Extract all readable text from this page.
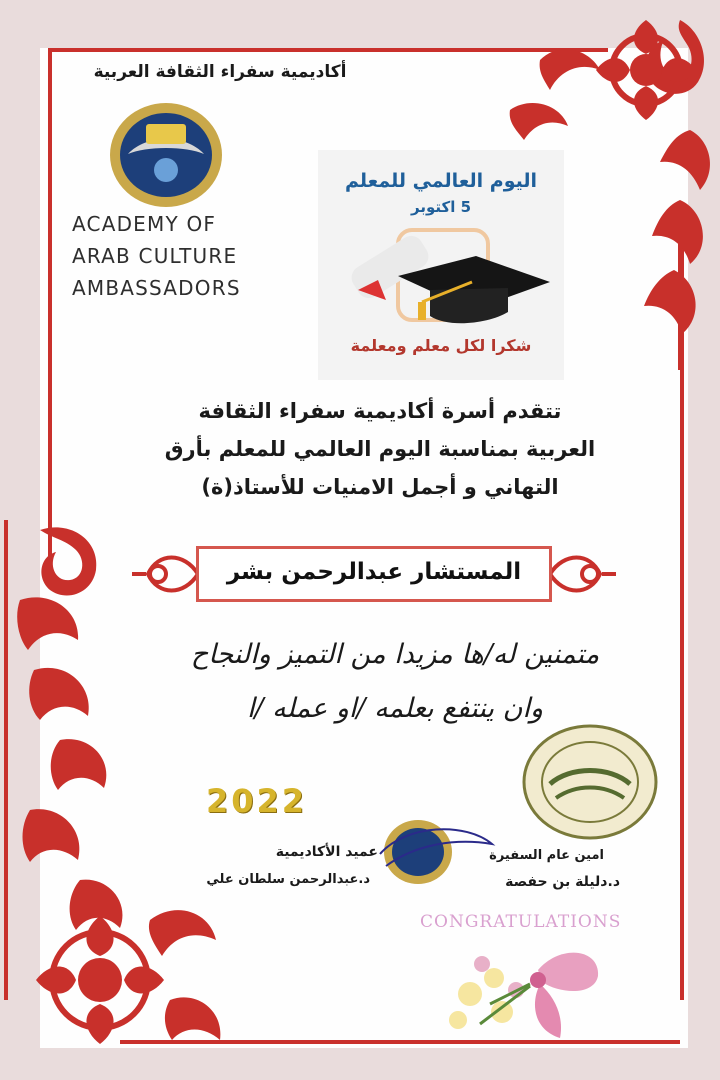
أكاديمية سفراء الثقافة العربية
ACADEMY OF
ARAB CULTURE
AMBASSADORS
اليوم العالمي للمعلم
5 اكتوبر
شكرا لكل معلم ومعلمة
تتقدم أسرة أكاديمية سفراء الثقافة
العربية بمناسبة اليوم العالمي للمعلم بأرق
التهاني و أجمل الامنيات للأستاذ(ة)
المستشار عبدالرحمن بشر
متمنين له/ها مزيدا من التميز والنجاح
وان ينتفع بعلمه /او عمله /ا
2022
عميد الأكاديمية
د.عبدالرحمن سلطان علي
امين عام السفيرة
د.دليلة بن حفصة
CONGRATULATIONS
